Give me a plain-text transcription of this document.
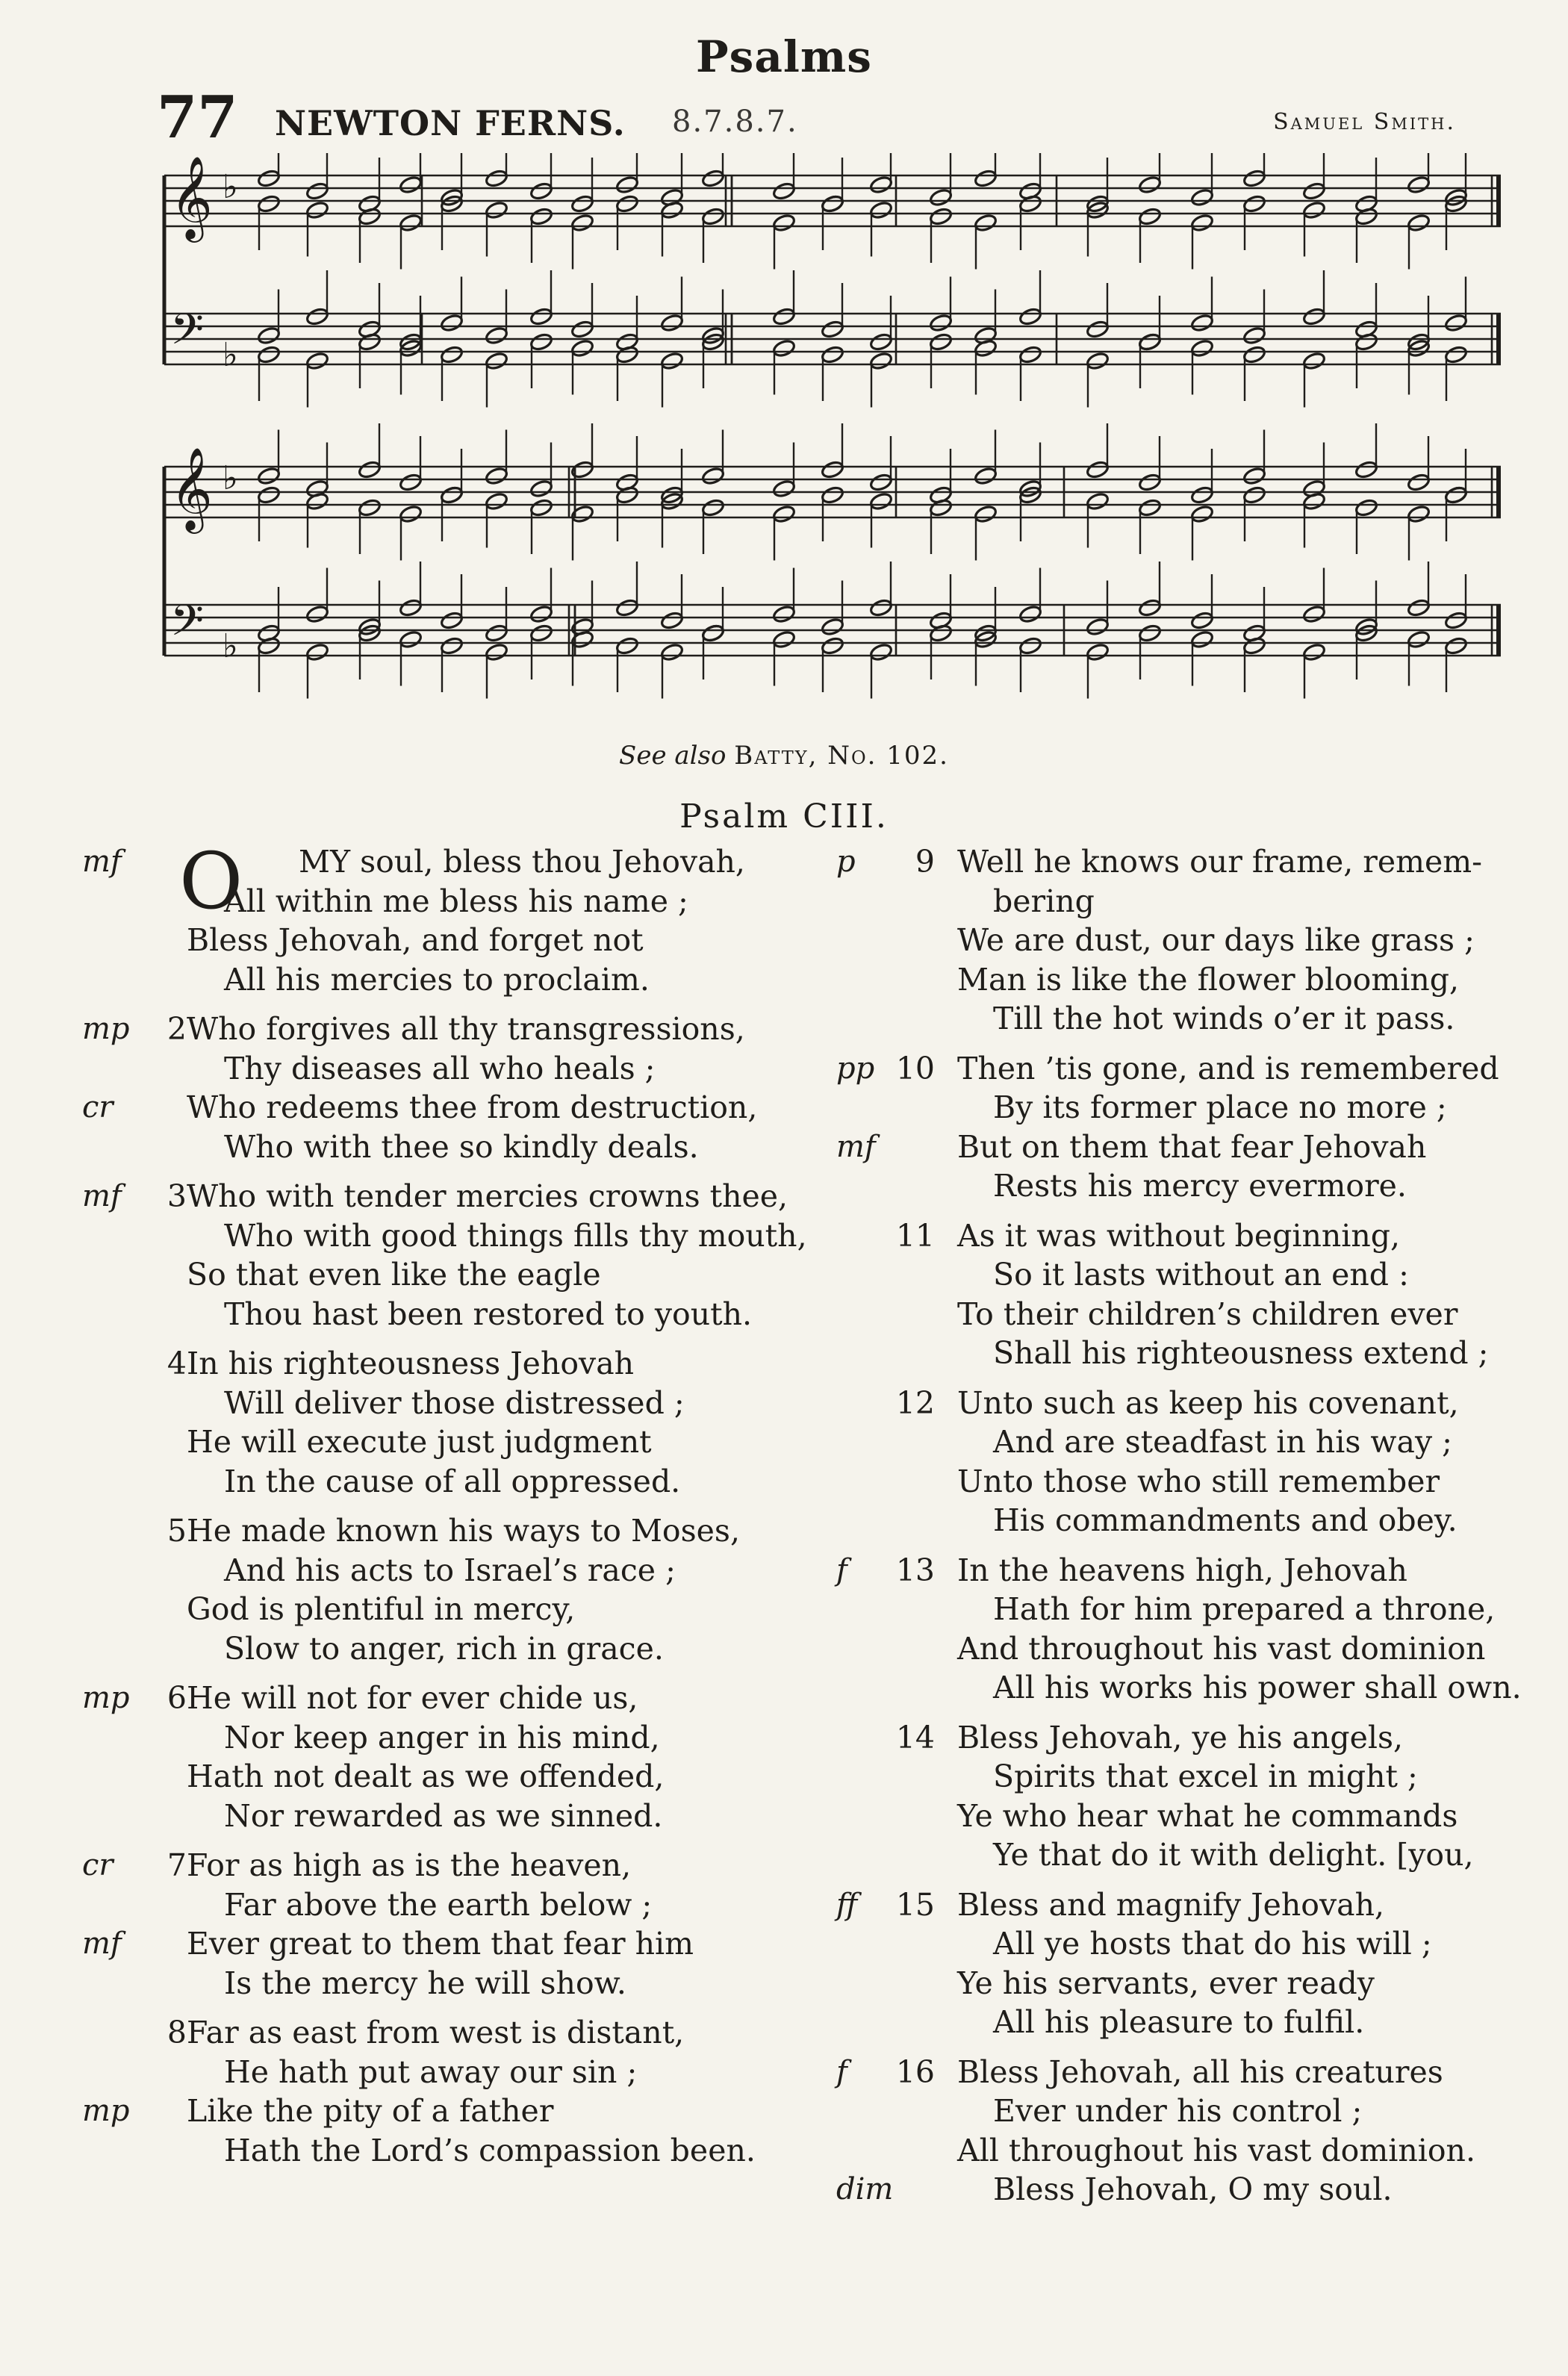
Psalms
77 NEWTON FERNS. 8.7.8.7.	Samuel Smith.
𝄞 ♭
𝄞 ♭
𝄢 ♭
𝄢 ♭
See also Batty, No. 102.
Psalm CIII.
mf O MY soul, bless thou Jehovah,
All within me bless his name ;
Bless Jehovah, and forget not
All his mercies to proclaim.
mp	2 Who forgives all thy transgressions,
Thy diseases all who heals ;
cr Who redeems thee from destruction,
Who with thee so kindly deals.
mf	3 Who with tender mercies crowns thee,
Who with good things fills thy mouth,
So that even like the eagle
Thou hast been restored to youth.
4 In his righteousness Jehovah
Will deliver those distressed ;
He will execute just judgment
In the cause of all oppressed.
5 He made known his ways to Moses,
And his acts to Israel’s race ;
God is plentiful in mercy,
Slow to anger, rich in grace.
mp	6 He will not for ever chide us,
Nor keep anger in his mind,
Hath not dealt as we offended,
Nor rewarded as we sinned.
cr	7 For as high as is the heaven,
Far above the earth below ;
mf Ever great to them that fear him
Is the mercy he will show.
8 Far as east from west is distant,
He hath put away our sin ;
mp Like the pity of a father
Hath the Lord’s compassion been.
p	9 Well he knows our frame, remem-
bering
We are dust, our days like grass ;
Man is like the flower blooming,
Till the hot winds o’er it pass.
pp 10 Then ’tis gone, and is remembered
By its former place no more ;
mf	But on them that fear Jehovah
Rests his mercy evermore.
11 As it was without beginning,
So it lasts without an end :
To their children’s children ever
Shall his righteousness extend ;
12 Unto such as keep his covenant,
And are steadfast in his way ;
Unto those who still remember
His commandments and obey.
f	13 In the heavens high, Jehovah
Hath for him prepared a throne,
And throughout his vast dominion
All his works his power shall own.
14 Bless Jehovah, ye his angels,
Spirits that excel in might ;
Ye who hear what he commands
Ye that do it with delight. [you,
ff	15 Bless and magnify Jehovah,
All ye hosts that do his will ;
Ye his servants, ever ready
All his pleasure to fulfil.
f	16 Bless Jehovah, all his creatures
Ever under his control ;
All throughout his vast dominion.
dim	Bless Jehovah, O my soul.
